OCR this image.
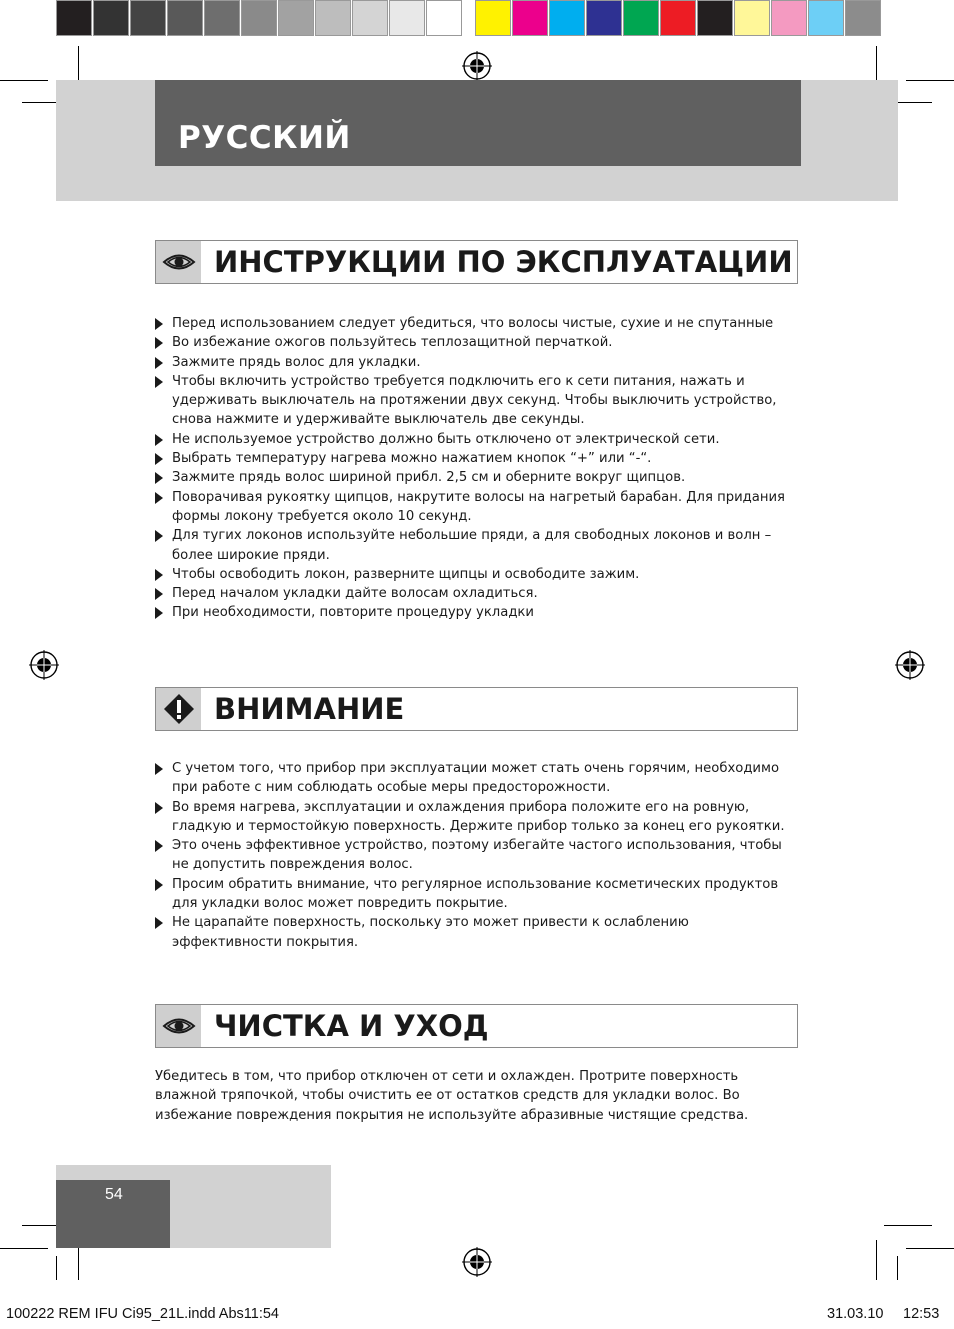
РУССКИЙ
ИНСТРУКЦИИ ПО ЭКСПЛУАТАЦИИ
Перед использованием следует убедиться, что волосы чистые, сухие и не спутанные
Во избежание ожогов пользуйтесь теплозащитной перчаткой.
Зажмите прядь волос для укладки.
Чтобы включить устройство требуется подключить его к сети питания, нажать и удерживать выключатель на протяжении двух секунд. Чтобы выключить устройство, снова нажмите и удерживайте выключатель две секунды.
Не используемое устройство должно быть отключено от электрической сети.
Выбрать температуру нагрева можно нажатием кнопок “+” или “-“.
Зажмите прядь волос шириной прибл. 2,5 см и оберните вокруг щипцов.
Поворачивая рукоятку щипцов, накрутите волосы на нагретый барабан. Для придания формы локону требуется около 10 секунд.
Для тугих локонов используйте небольшие пряди, а для свободных локонов и волн – более широкие пряди.
Чтобы освободить локон, разверните щипцы и освободите зажим.
Перед началом укладки дайте волосам охладиться.
При необходимости, повторите процедуру укладки
ВНИМАНИЕ
С учетом того, что прибор при эксплуатации может стать очень горячим, необходимо при работе с ним соблюдать особые меры предосторожности.
Во время нагрева, эксплуатации и охлаждения прибора положите его на ровную, гладкую и термостойкую поверхность. Держите прибор только за конец его рукоятки.
Это очень эффективное устройство, поэтому избегайте частого использования, чтобы не допустить повреждения волос.
Просим обратить внимание, что регулярное использование косметических продуктов для укладки волос может повредить покрытие.
Не царапайте поверхность, поскольку это может привести к ослаблению эффективности покрытия.
ЧИСТКА И УХОД
Убедитесь в том, что прибор отключен от сети и охлажден. Протрите поверхность влажной тряпочкой, чтобы очистить ее от остатков средств для укладки волос. Во избежание повреждения покрытия не используйте абразивные чистящие средства.
54
100222 REM IFU Ci95_21L.indd Abs11:54	31.03.10 12:53
